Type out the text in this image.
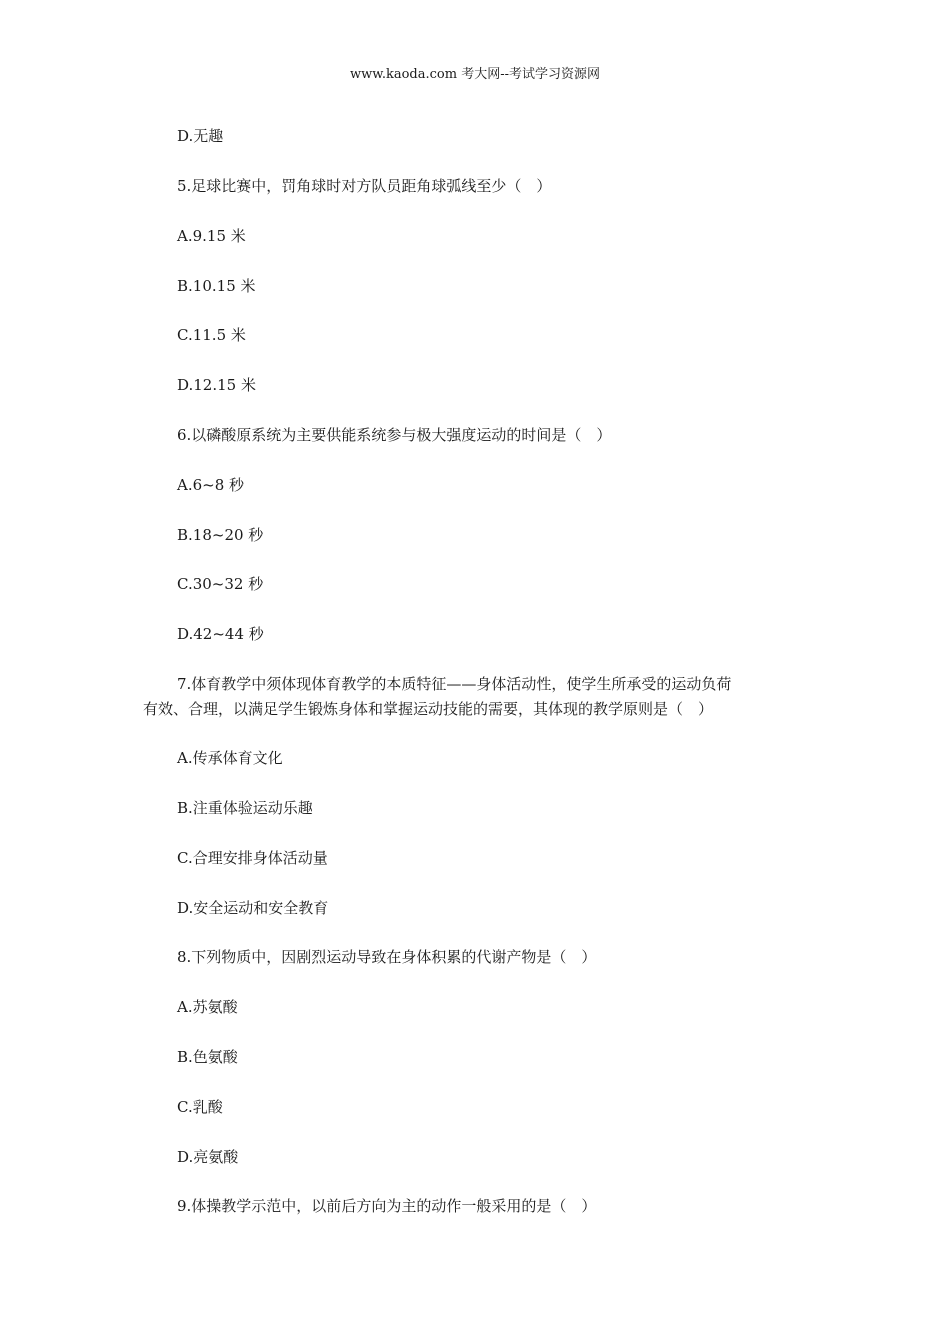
www.kaoda.com 考大网--考试学习资源网
D.无趣
5.足球比赛中，罚角球时对方队员距角球弧线至少（　）
A.9.15 米
B.10.15 米
C.11.5 米
D.12.15 米
6.以磷酸原系统为主要供能系统参与极大强度运动的时间是（　）
A.6~8 秒
B.18~20 秒
C.30~32 秒
D.42~44 秒
7.体育教学中须体现体育教学的本质特征——身体活动性，使学生所承受的运动负荷
有效、合理，以满足学生锻炼身体和掌握运动技能的需要，其体现的教学原则是（　）
A.传承体育文化
B.注重体验运动乐趣
C.合理安排身体活动量
D.安全运动和安全教育
8.下列物质中，因剧烈运动导致在身体积累的代谢产物是（　）
A.苏氨酸
B.色氨酸
C.乳酸
D.亮氨酸
9.体操教学示范中，以前后方向为主的动作一般采用的是（　）
